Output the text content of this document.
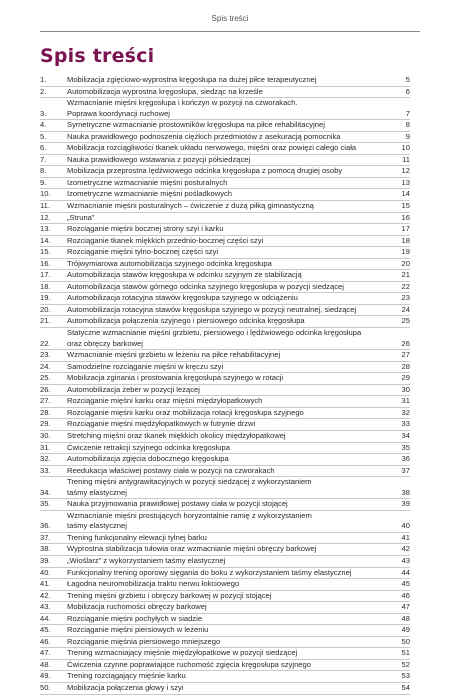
Spis treści
Spis treści
1.	Mobilizacja zgięciowo-wyprostna kręgosłupa na dużej piłce terapeutycznej	5
2.	Automobilizacja wyprostna kręgosłupa, siedząc na krześle	6
3.
Wzmacnianie mięśni kręgosłupa i kończyn w pozycji na czworakach.
Poprawa koordynacji ruchowej	7
4.	Symetryczne wzmacnianie prostowników kręgosłupa na piłce rehabilitacyjnej	8
5.	Nauka prawidłowego podnoszenia ciężkich przedmiotów z asekuracją pomocnika	9
6.	Mobilizacja rozciągliwości tkanek układu nerwowego, mięśni oraz powięzi całego ciała	10
7.	Nauka prawidłowego wstawania z pozycji półsiedzącej	11
8.	Mobilizacja przeprostna lędźwiowego odcinka kręgosłupa z pomocą drugiej osoby	12
9.	Izometryczne wzmacnianie mięśni posturalnych	13
10.	Izometryczne wzmacnianie mięśni pośladkowych	14
11.	Wzmacnianie mięśni posturalnych – ćwiczenie z dużą piłką gimnastyczną	15
12.	„Struna”	16
13.	Rozciąganie mięśni bocznej strony szyi i karku	17
14.	Rozciąganie tkanek miękkich przednio-bocznej części szyi	18
15.	Rozciąganie mięśni tylno-bocznej części szyi	19
16.	Trójwymiarowa automobilizacja szyjnego odcinka kręgosłupa	20
17.	Automobilizacja stawów kręgosłupa w odcinku szyjnym ze stabilizacją	21
18.	Automobilizacja stawów górnego odcinka szyjnego kręgosłupa w pozycji siedzącej	22
19.	Automobilizacja rotacyjna stawów kręgosłupa szyjnego w odciążeniu	23
20.	Automobilizacja rotacyjna stawów kręgosłupa szyjnego w pozycji neutralnej, siedzącej	24
21.	Automobilizacja połączenia szyjnego i piersiowego odcinka kręgosłupa	25
22.
Statyczne wzmacnianie mięśni grzbietu, piersiowego i lędźwiowego odcinka kręgosłupa
oraz obręczy barkowej	26
23.	Wzmacnianie mięśni grzbietu w leżeniu na piłce rehabilitacyjnej	27
24.	Samodzielne rozciąganie mięśni w kręczu szyi	28
25.	Mobilizacja zginania i prostowania kręgosłupa szyjnego w rotacji	29
26.	Automobilizacja żeber w pozycji leżącej	30
27.	Rozciąganie mięśni karku oraz mięśni międzyłopatkowych	31
28.	Rozciąganie mięśni karku oraz mobilizacja rotacji kręgosłupa szyjnego	32
29.	Rozciąganie mięśni międzyłopatkowych w futrynie drzwi	33
30.	Stretching mięśni oraz tkanek miękkich okolicy międzyłopatkowej	34
31.	Ćwiczenie retrakcji szyjnego odcinka kręgosłupa	35
32.	Automobilizacja zgięcia dobocznego kręgosłupa	36
33.	Reedukacja właściwej postawy ciała w pozycji na czworakach	37
34.
Trening mięśni antygrawitacyjnych w pozycji siedzącej z wykorzystaniem
taśmy elastycznej	38
35.	Nauka przyjmowania prawidłowej postawy ciała w pozycji stojącej	39
36.
Wzmacnianie mięśni prostujących horyzontalnie ramię z wykorzystaniem
taśmy elastycznej	40
37.	Trening funkcjonalny elewacji tylnej barku	41
38.	Wyprostna stabilizacja tułowia oraz wzmacnianie mięśni obręczy barkowej	42
39.	„Wioślarz” z wykorzystaniem taśmy elastycznej	43
40.	Funkcjonalny trening oporowy sięgania do boku z wykorzystaniem taśmy elastycznej	44
41.	Łagodna neuromobilizacja traktu nerwu łokciowego	45
42.	Trening mięśni grzbietu i obręczy barkowej w pozycji stojącej	46
43.	Mobilizacja ruchomości obręczy barkowej	47
44.	Rozciąganie mięśni pochyłych w siadzie	48
45.	Rozciąganie mięśni piersiowych w leżeniu	49
46.	Rozciąganie mięśnia piersiowego mniejszego	50
47.	Trening wzmacniający mięśnie międzyłopatkowe w pozycji siedzącej	51
48.	Ćwiczenia czynne poprawiające ruchomość zgięcia kręgosłupa szyjnego	52
49.	Trening rozciągający mięśnie karku	53
50.	Mobilizacja połączenia głowy i szyi	54
